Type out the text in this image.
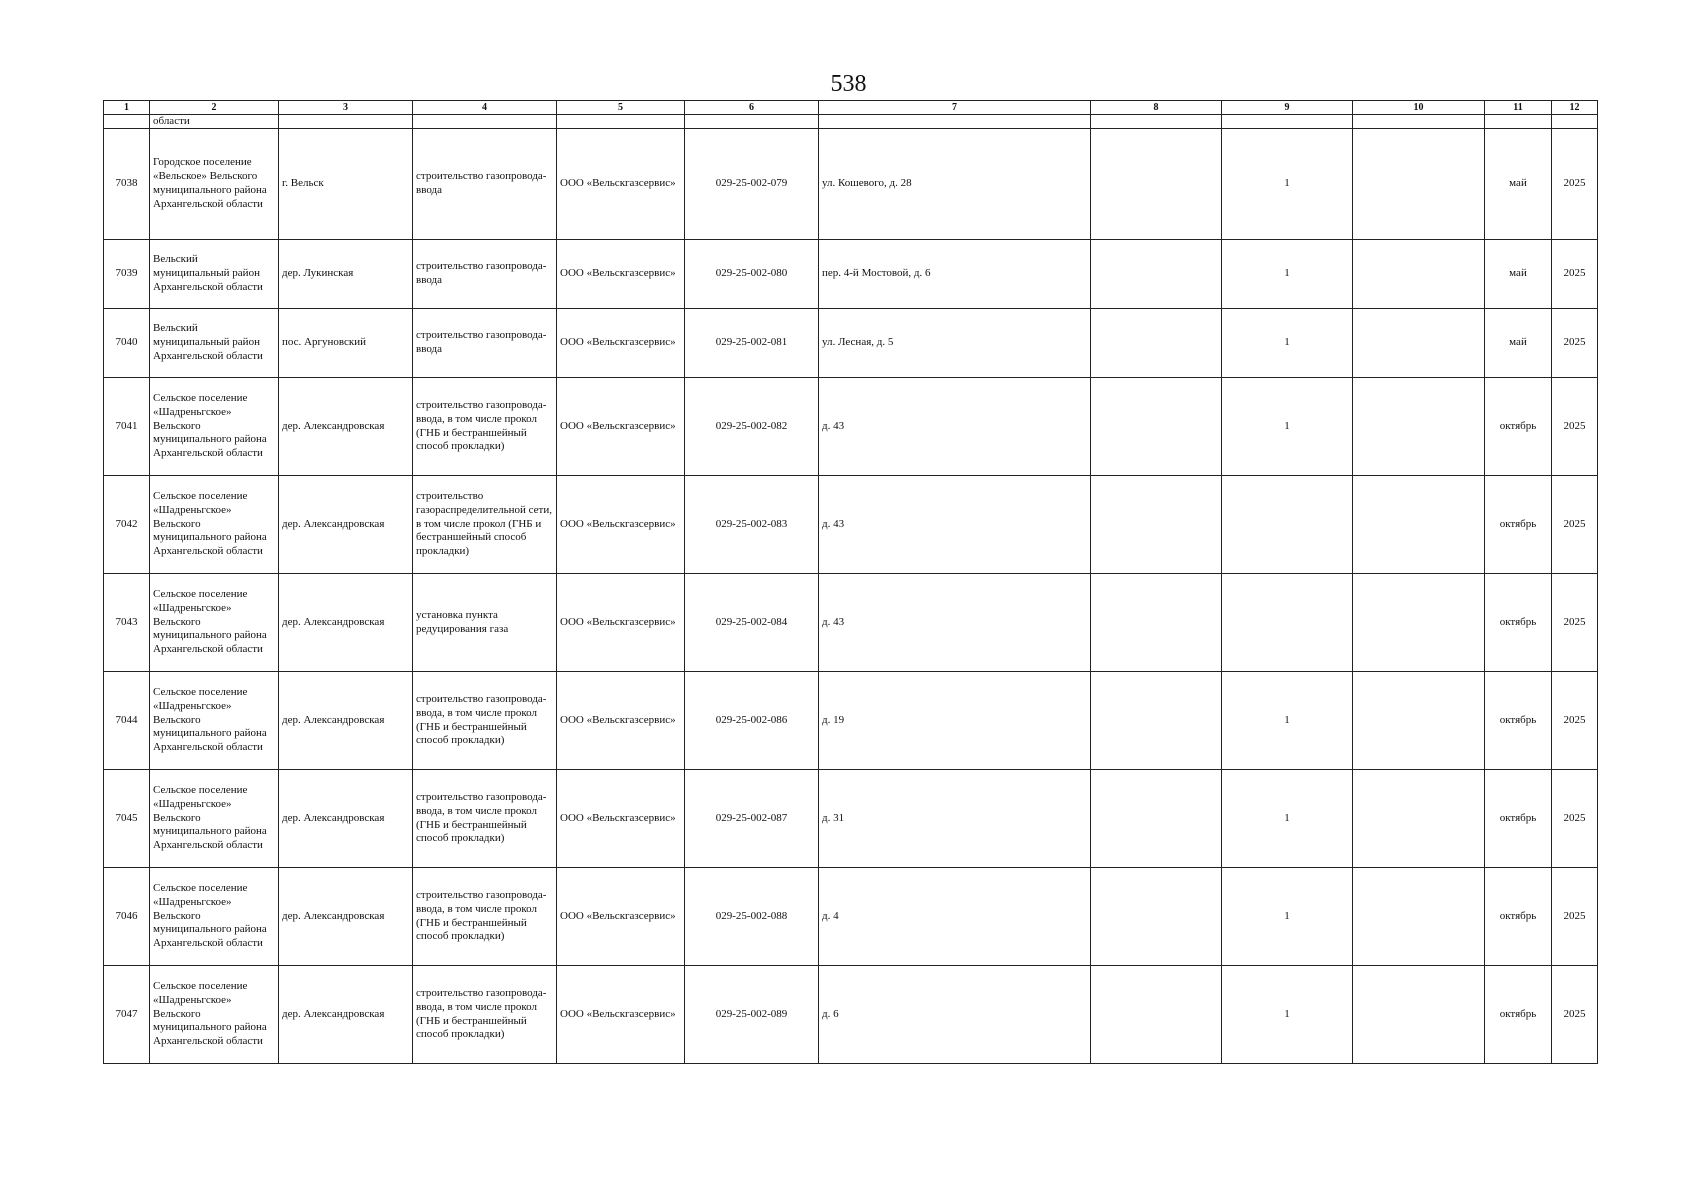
538
1	2	3	4	5	6	7	8	9	10	11	12
	области										
7038	Городское поселение «Вельское» Вельского муниципального района Архангельской области	г. Вельск	строительство газопровода-ввода	ООО «Вельскгазсервис»	029-25-002-079	ул. Кошевого, д. 28		1		май	2025
7039	Вельский муниципальный район Архангельской области	дер. Лукинская	строительство газопровода-ввода	ООО «Вельскгазсервис»	029-25-002-080	пер. 4-й Мостовой, д. 6		1		май	2025
7040	Вельский муниципальный район Архангельской области	пос. Аргуновский	строительство газопровода-ввода	ООО «Вельскгазсервис»	029-25-002-081	ул. Лесная, д. 5		1		май	2025
7041	Сельское поселение «Шадреньгское» Вельского муниципального района Архангельской области	дер. Александровская	строительство газопровода-ввода, в том числе прокол (ГНБ и бестраншейный способ прокладки)	ООО «Вельскгазсервис»	029-25-002-082	д. 43		1		октябрь	2025
7042	Сельское поселение «Шадреньгское» Вельского муниципального района Архангельской области	дер. Александровская	строительство газораспределительной сети, в том числе прокол (ГНБ и бестраншейный способ прокладки)	ООО «Вельскгазсервис»	029-25-002-083	д. 43				октябрь	2025
7043	Сельское поселение «Шадреньгское» Вельского муниципального района Архангельской области	дер. Александровская	установка пункта редуцирования газа	ООО «Вельскгазсервис»	029-25-002-084	д. 43				октябрь	2025
7044	Сельское поселение «Шадреньгское» Вельского муниципального района Архангельской области	дер. Александровская	строительство газопровода-ввода, в том числе прокол (ГНБ и бестраншейный способ прокладки)	ООО «Вельскгазсервис»	029-25-002-086	д. 19		1		октябрь	2025
7045	Сельское поселение «Шадреньгское» Вельского муниципального района Архангельской области	дер. Александровская	строительство газопровода-ввода, в том числе прокол (ГНБ и бестраншейный способ прокладки)	ООО «Вельскгазсервис»	029-25-002-087	д. 31		1		октябрь	2025
7046	Сельское поселение «Шадреньгское» Вельского муниципального района Архангельской области	дер. Александровская	строительство газопровода-ввода, в том числе прокол (ГНБ и бестраншейный способ прокладки)	ООО «Вельскгазсервис»	029-25-002-088	д. 4		1		октябрь	2025
7047	Сельское поселение «Шадреньгское» Вельского муниципального района Архангельской области	дер. Александровская	строительство газопровода-ввода, в том числе прокол (ГНБ и бестраншейный способ прокладки)	ООО «Вельскгазсервис»	029-25-002-089	д. 6		1		октябрь	2025
